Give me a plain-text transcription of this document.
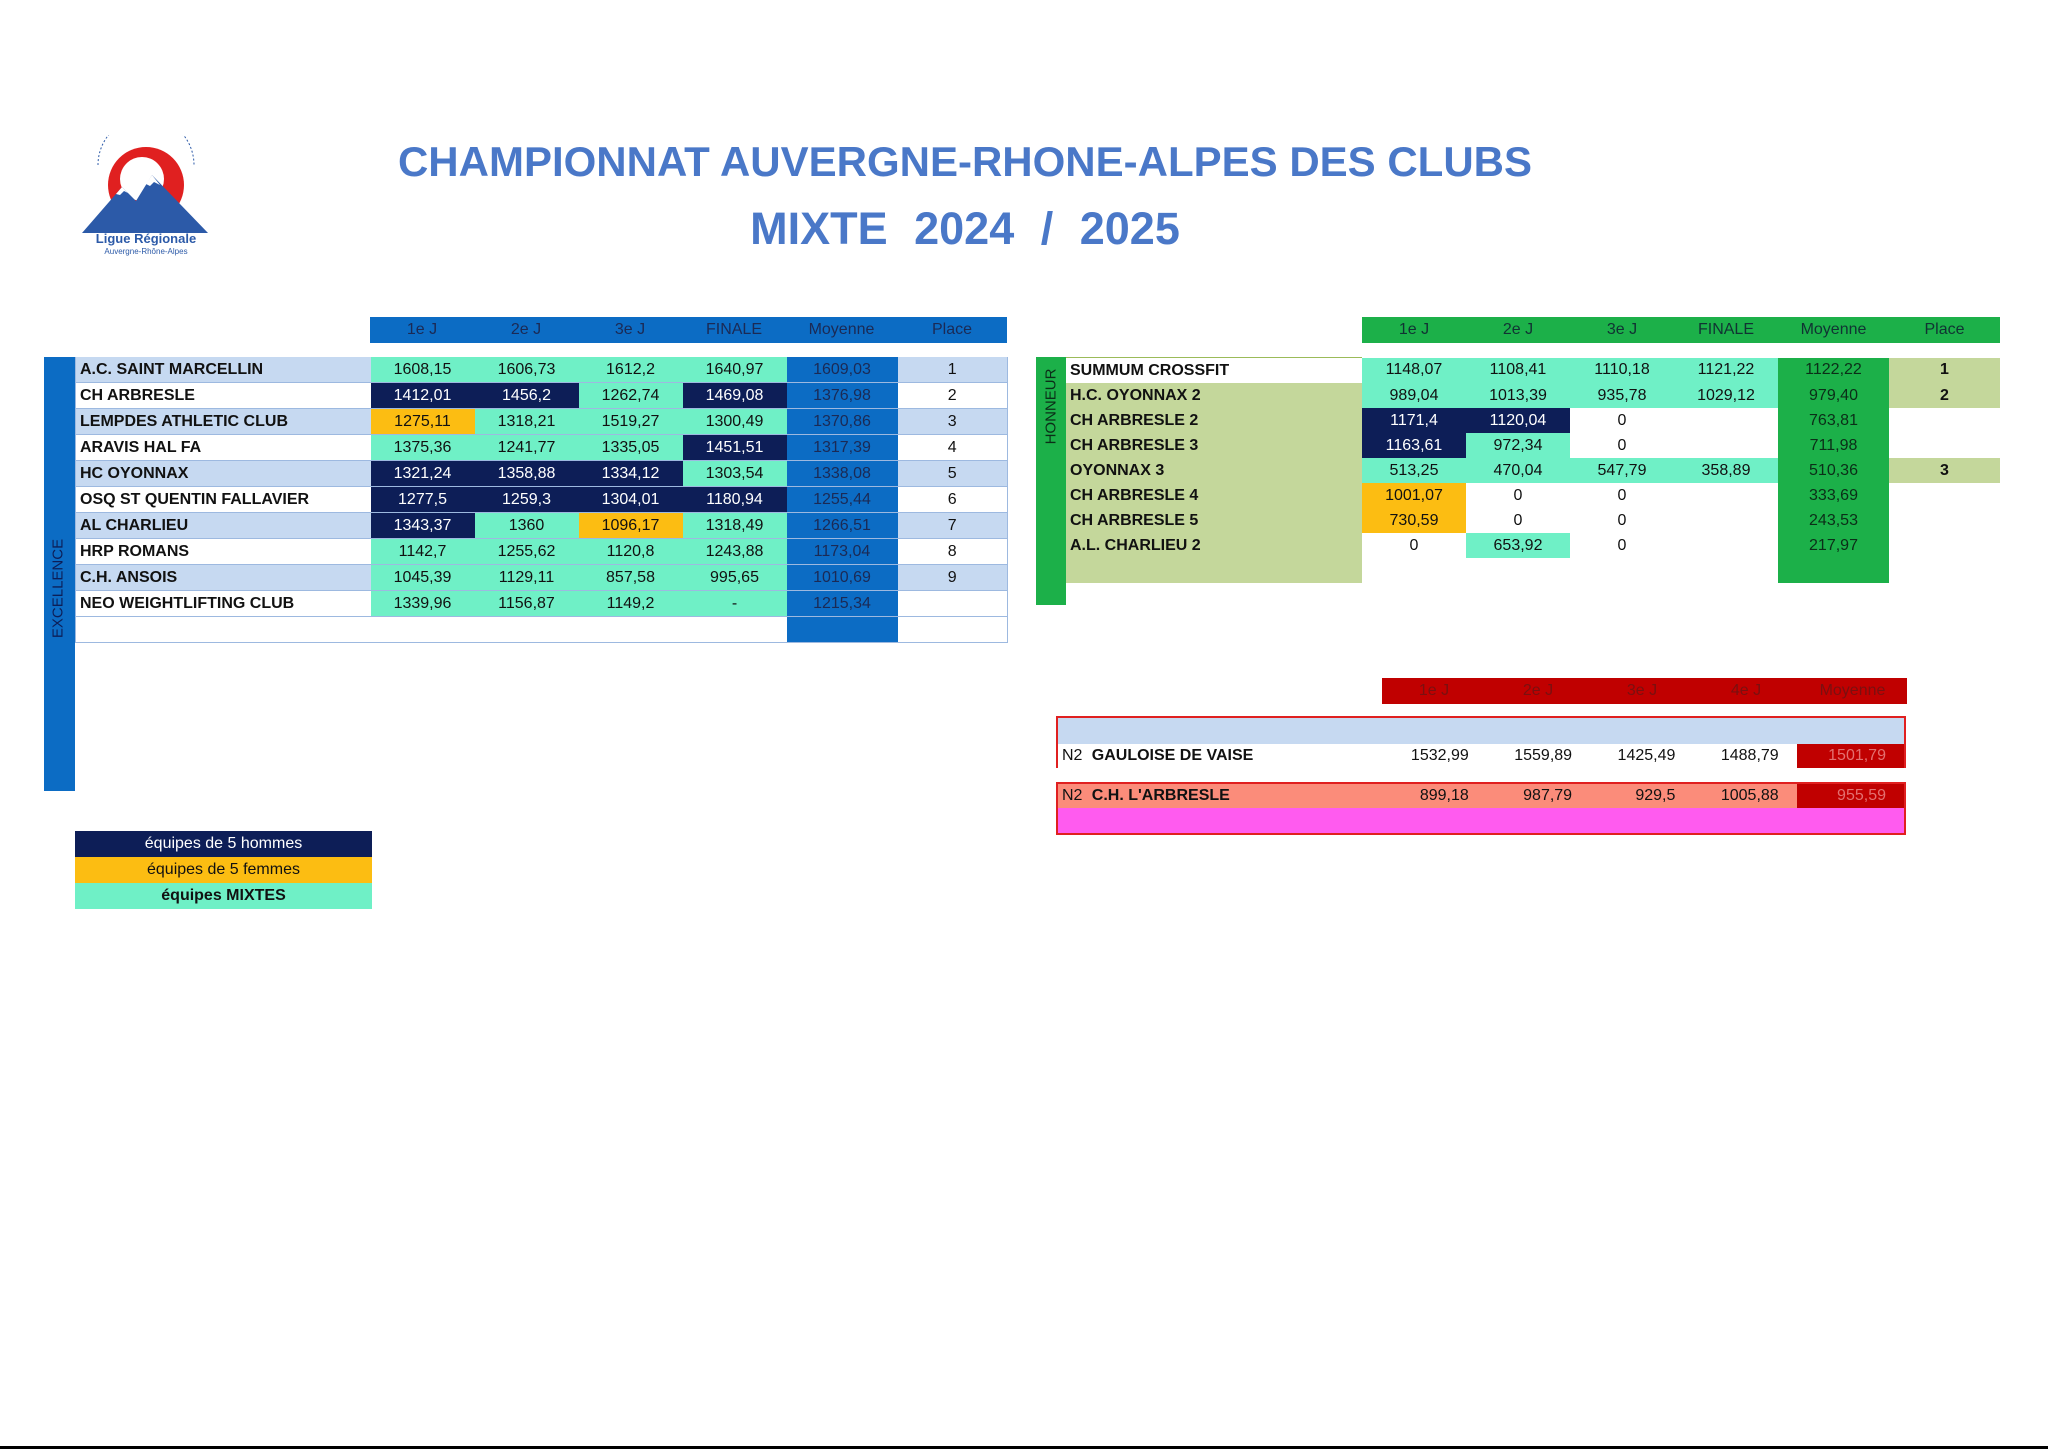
CHAMPIONNAT AUVERGNE-RHONE-ALPES DES CLUBS
MIXTE 2024 / 2025
Ligue Régionale
Auvergne-Rhône-Alpes
EXCELLENCE
	1e J	2e J	3e J	FINALE	Moyenne	Place
A.C. SAINT MARCELLIN	1608,15	1606,73	1612,2	1640,97	1609,03	1
CH ARBRESLE	1412,01	1456,2	1262,74	1469,08	1376,98	2
LEMPDES ATHLETIC CLUB	1275,11	1318,21	1519,27	1300,49	1370,86	3
ARAVIS HAL FA	1375,36	1241,77	1335,05	1451,51	1317,39	4
HC OYONNAX	1321,24	1358,88	1334,12	1303,54	1338,08	5
OSQ ST QUENTIN FALLAVIER	1277,5	1259,3	1304,01	1180,94	1255,44	6
AL CHARLIEU	1343,37	1360	1096,17	1318,49	1266,51	7
HRP ROMANS	1142,7	1255,62	1120,8	1243,88	1173,04	8
C.H. ANSOIS	1045,39	1129,11	857,58	995,65	1010,69	9
NEO WEIGHTLIFTING CLUB	1339,96	1156,87	1149,2	-	1215,34	

HONNEUR
	1e J	2e J	3e J	FINALE	Moyenne	Place
SUMMUM CROSSFIT	1148,07	1108,41	1110,18	1121,22	1122,22	1
H.C. OYONNAX 2	989,04	1013,39	935,78	1029,12	979,40	2
CH ARBRESLE 2	1171,4	1120,04	0		763,81	
CH ARBRESLE 3	1163,61	972,34	0		711,98	
OYONNAX 3	513,25	470,04	547,79	358,89	510,36	3
CH ARBRESLE 4	1001,07	0	0		333,69	
CH ARBRESLE 5	730,59	0	0		243,53	
A.L. CHARLIEU 2	0	653,92	0		217,97	

1e J	2e J	3e J	4e J	Moyenne
N2 GAULOISE DE VAISE	1532,99	1559,89	1425,49	1488,79	1501,79
N2 C.H. L'ARBRESLE	899,18	987,79	929,5	1005,88	955,59
équipes de 5 hommes
équipes de 5 femmes
équipes MIXTES
